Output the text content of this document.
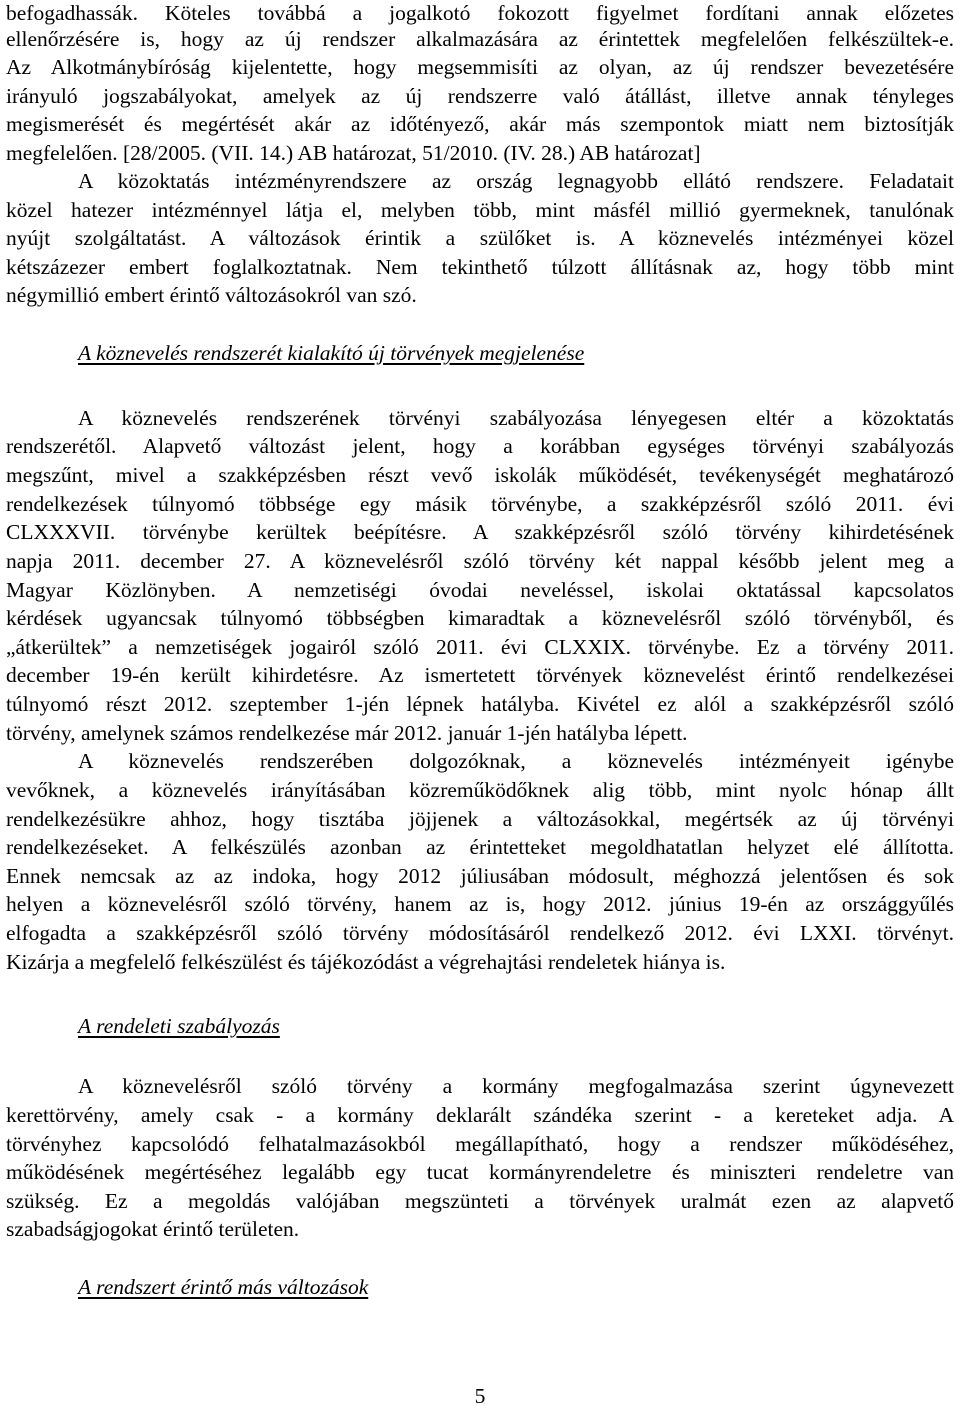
befogadhassák. Köteles továbbá a jogalkotó fokozott figyelmet fordítani annak előzetes
ellenőrzésére is, hogy az új rendszer alkalmazására az érintettek megfelelően felkészültek-e.
Az Alkotmánybíróság kijelentette, hogy megsemmisíti az olyan, az új rendszer bevezetésére
irányuló jogszabályokat, amelyek az új rendszerre való átállást, illetve annak tényleges
megismerését és megértését akár az időtényező, akár más szempontok miatt nem biztosítják
megfelelően. [28/2005. (VII. 14.) AB határozat, 51/2010. (IV. 28.) AB határozat]
A közoktatás intézményrendszere az ország legnagyobb ellátó rendszere. Feladatait
közel hatezer intézménnyel látja el, melyben több, mint másfél millió gyermeknek, tanulónak
nyújt szolgáltatást. A változások érintik a szülőket is. A köznevelés intézményei közel
kétszázezer embert foglalkoztatnak. Nem tekinthető túlzott állításnak az, hogy több mint
négymillió embert érintő változásokról van szó.
A köznevelés rendszerét kialakító új törvények megjelenése
A köznevelés rendszerének törvényi szabályozása lényegesen eltér a közoktatás
rendszerétől. Alapvető változást jelent, hogy a korábban egységes törvényi szabályozás
megszűnt, mivel a szakképzésben részt vevő iskolák működését, tevékenységét meghatározó
rendelkezések túlnyomó többsége egy másik törvénybe, a szakképzésről szóló 2011. évi
CLXXXVII. törvénybe kerültek beépítésre. A szakképzésről szóló törvény kihirdetésének
napja 2011. december 27. A köznevelésről szóló törvény két nappal később jelent meg a
Magyar Közlönyben. A nemzetiségi óvodai neveléssel, iskolai oktatással kapcsolatos
kérdések ugyancsak túlnyomó többségben kimaradtak a köznevelésről szóló törvényből, és
„átkerültek” a nemzetiségek jogairól szóló 2011. évi CLXXIX. törvénybe. Ez a törvény 2011.
december 19-én került kihirdetésre. Az ismertetett törvények köznevelést érintő rendelkezései
túlnyomó részt 2012. szeptember 1-jén lépnek hatályba. Kivétel ez alól a szakképzésről szóló
törvény, amelynek számos rendelkezése már 2012. január 1-jén hatályba lépett.
A köznevelés rendszerében dolgozóknak, a köznevelés intézményeit igénybe
vevőknek, a köznevelés irányításában közreműködőknek alig több, mint nyolc hónap állt
rendelkezésükre ahhoz, hogy tisztába jöjjenek a változásokkal, megértsék az új törvényi
rendelkezéseket. A felkészülés azonban az érintetteket megoldhatatlan helyzet elé állította.
Ennek nemcsak az az indoka, hogy 2012 júliusában módosult, méghozzá jelentősen és sok
helyen a köznevelésről szóló törvény, hanem az is, hogy 2012. június 19-én az országgyűlés
elfogadta a szakképzésről szóló törvény módosításáról rendelkező 2012. évi LXXI. törvényt.
Kizárja a megfelelő felkészülést és tájékozódást a végrehajtási rendeletek hiánya is.
A rendeleti szabályozás
A köznevelésről szóló törvény a kormány megfogalmazása szerint úgynevezett
kerettörvény, amely csak - a kormány deklarált szándéka szerint - a kereteket adja. A
törvényhez kapcsolódó felhatalmazásokból megállapítható, hogy a rendszer működéséhez,
működésének megértéséhez legalább egy tucat kormányrendeletre és miniszteri rendeletre van
szükség. Ez a megoldás valójában megszünteti a törvények uralmát ezen az alapvető
szabadságjogokat érintő területen.
A rendszert érintő más változások
5
